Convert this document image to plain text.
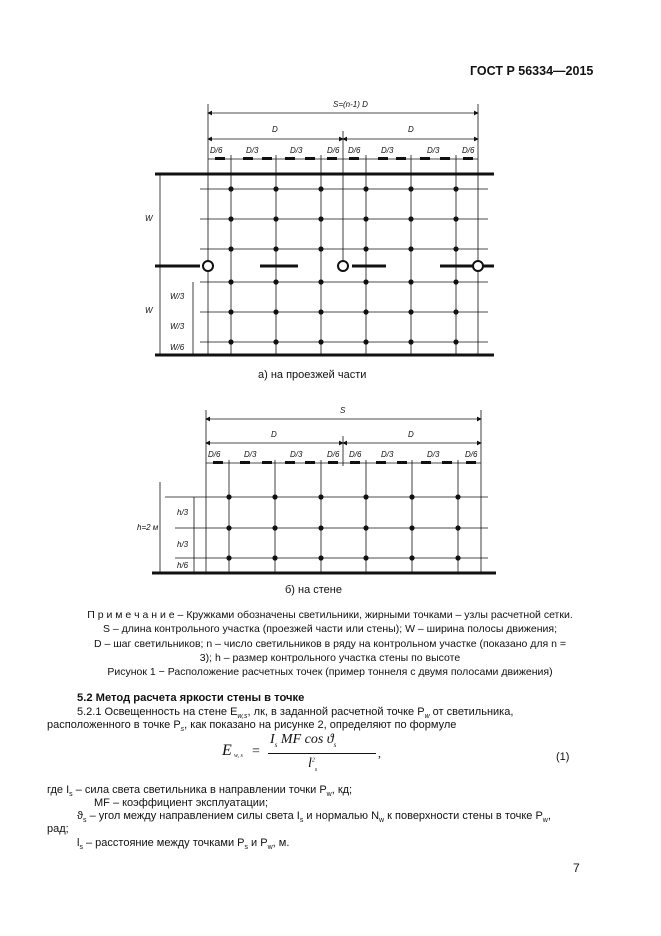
ГОСТ Р 56334—2015
S=(n-1) D
D	D
D/6	D/3	D/3	D/6 D/6	D/3	D/3	D/6
W
W
W/3
W/3
W/6
а) на проезжей части
S
D	D
D/6	D/3	D/3	D/6 D/6 D/3	D/3	D/6
h=2 м
h/3
h/3
h/6
б) на стене
П р и м е ч а н и е – Кружками обозначены светильники, жирными точками – узлы расчетной сетки.
S – длина контрольного участка (проезжей части или стены); W – ширина полосы движения;
D – шаг светильников; n – число светильников в ряду на контрольном участке (показано для n =
3); h – размер контрольного участка стены по высоте
Рисунок 1 − Расположение расчетных точек (пример тоннеля с двумя полосами движения)
5.2 Метод расчета яркости стены в точке
5.2.1 Освещенность на стене $E_{w,s}$, лк, в заданной расчетной точке $P_w$ от светильника,
расположенного в точке $P_s$, как показано на рисунке 2, определяют по формуле
E w, s =
$I_s$ MF $\cos ϑ_s$
$l^2_s$
,	(1)
где $I_s$ – сила света светильника в направлении точки $P_w$, кд;
MF – коэффициент эксплуатации;
$ϑ_s$ – угол между направлением силы света $I_s$ и нормалью $N_w$ к поверхности стены в точке $P_w$,
рад;
$l_s$ – расстояние между точками $P_s$ и $P_w$, м.
7
